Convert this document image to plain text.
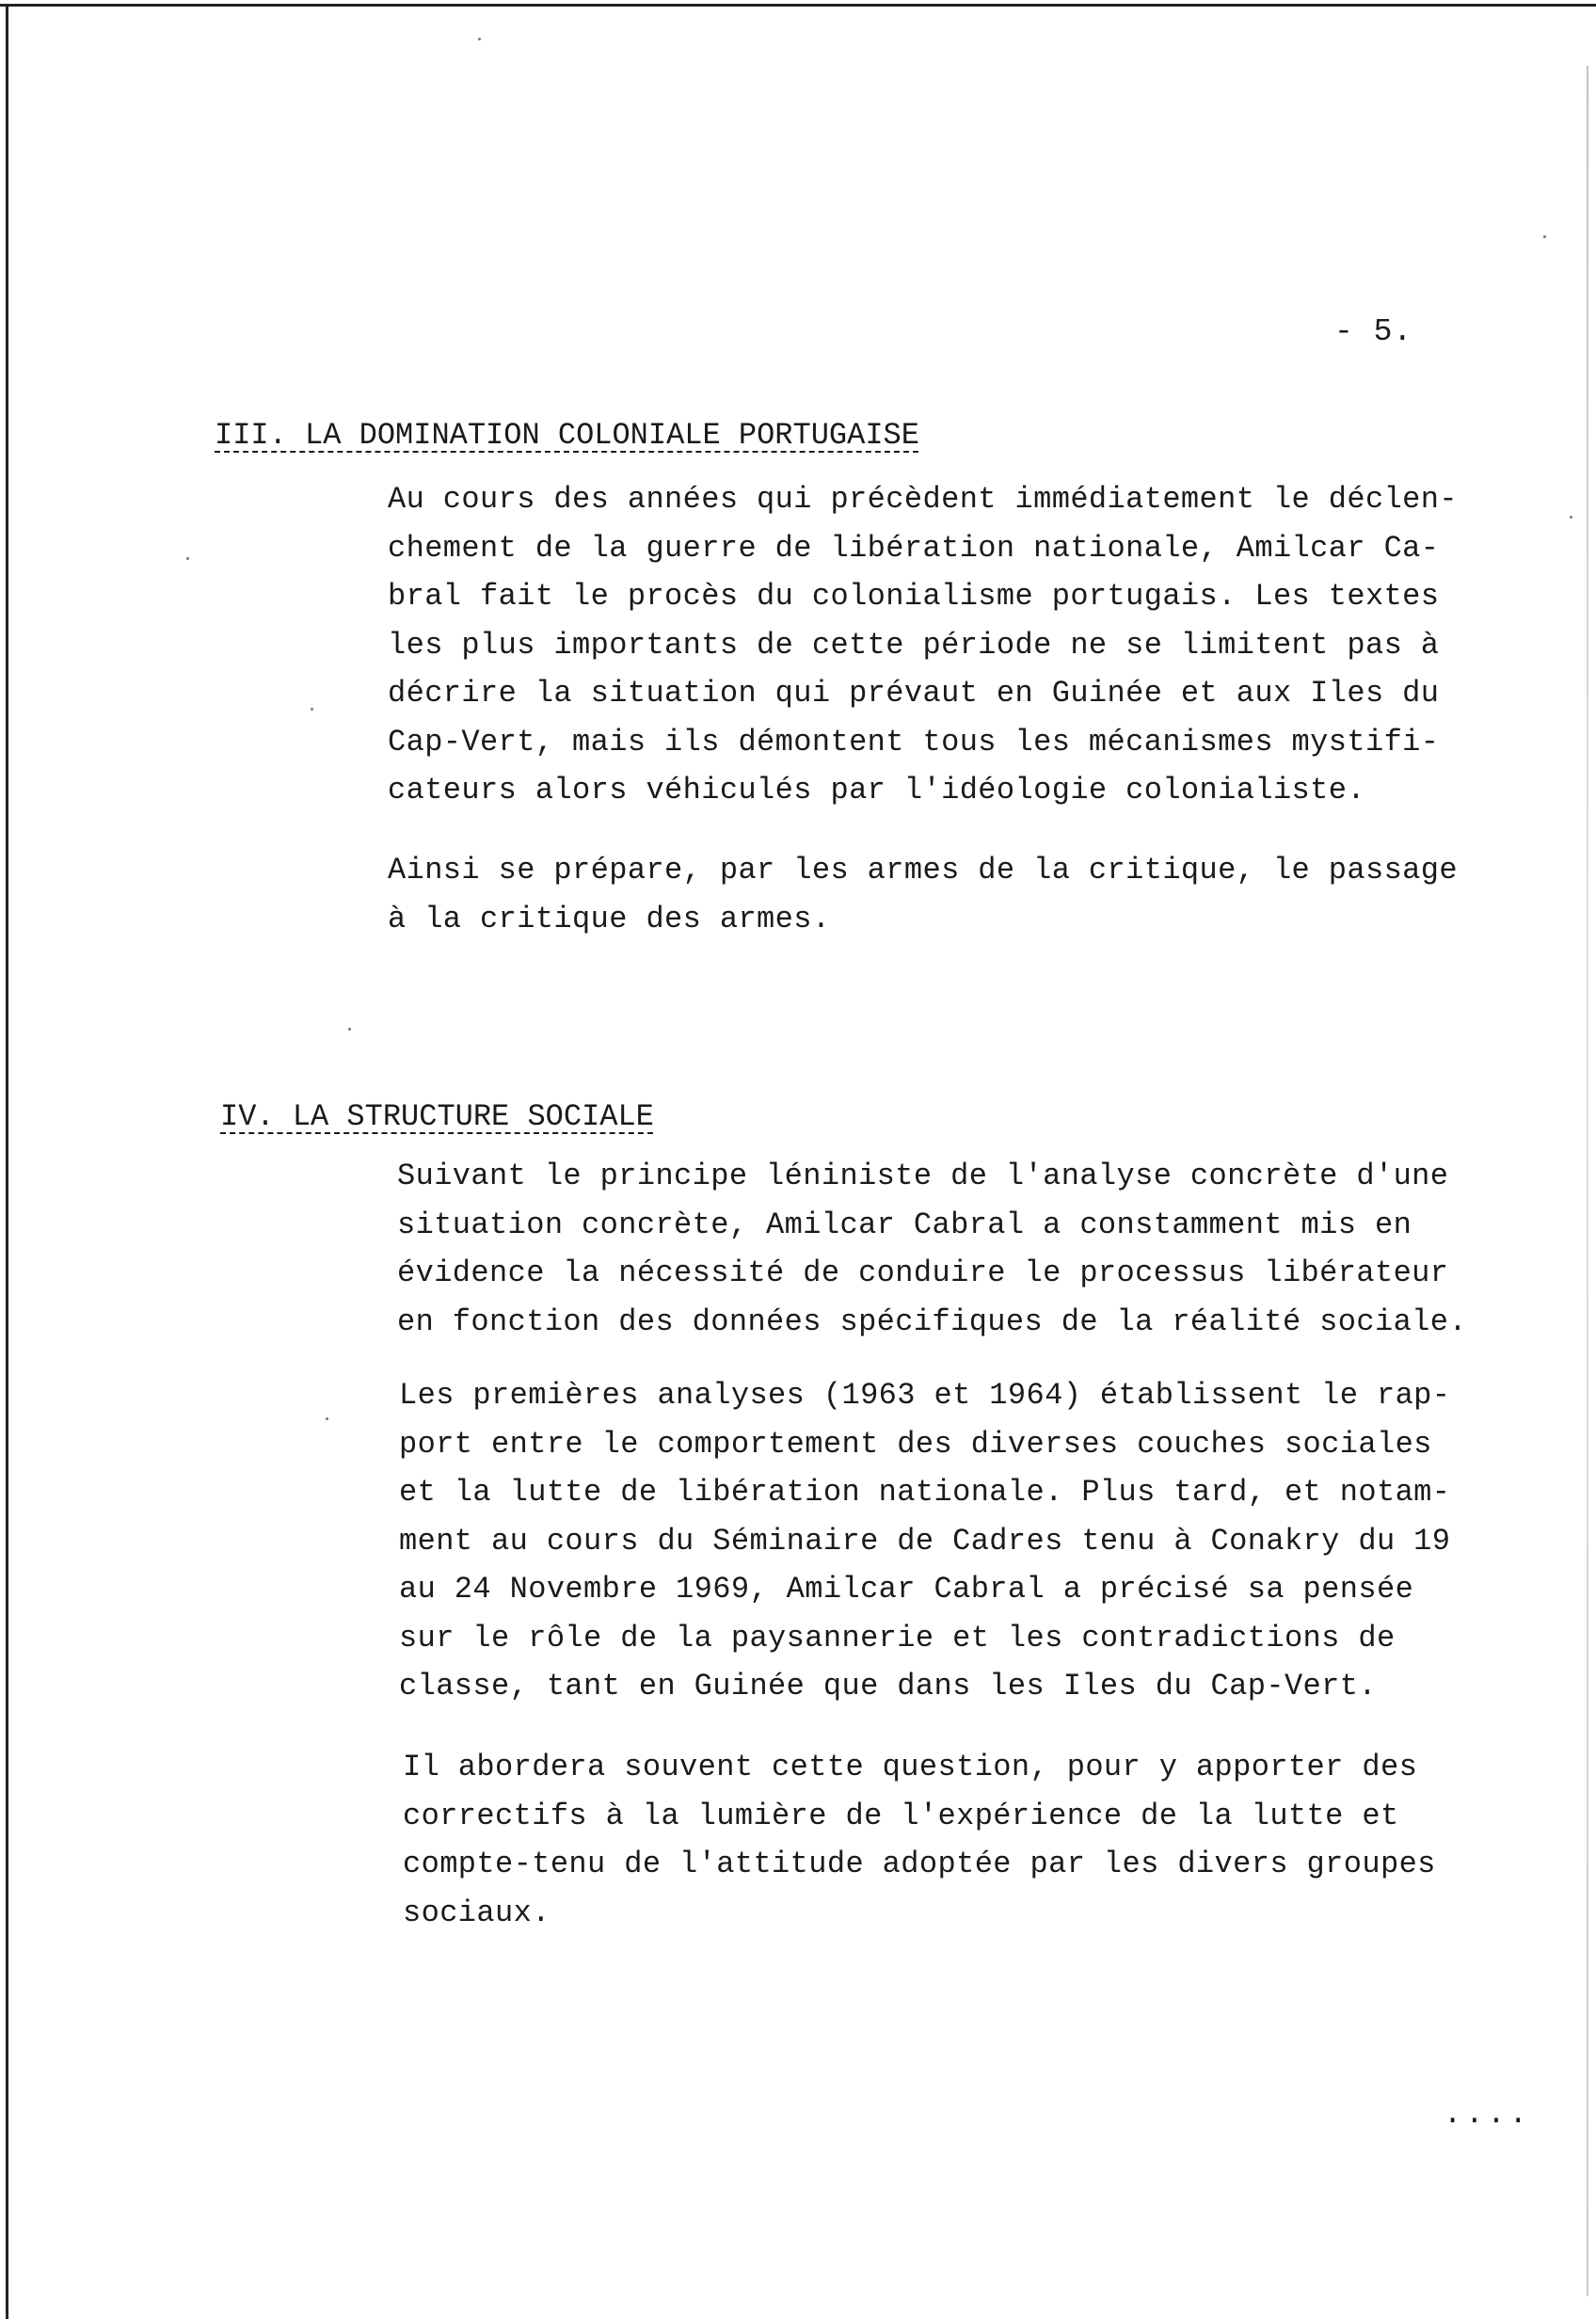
- 5.
III. LA DOMINATION COLONIALE PORTUGAISE
Au cours des années qui précèdent immédiatement le déclen-
chement de la guerre de libération nationale, Amilcar Ca-
bral fait le procès du colonialisme portugais. Les textes
les plus importants de cette période ne se limitent pas à
décrire la situation qui prévaut en Guinée et aux Iles du
Cap-Vert, mais ils démontent tous les mécanismes mystifi-
cateurs alors véhiculés par l'idéologie colonialiste.
Ainsi se prépare, par les armes de la critique, le passage
à la critique des armes.
IV. LA STRUCTURE SOCIALE
Suivant le principe léniniste de l'analyse concrète d'une
situation concrète, Amilcar Cabral a constamment mis en
évidence la nécessité de conduire le processus libérateur
en fonction des données spécifiques de la réalité sociale.
Les premières analyses (1963 et 1964) établissent le rap-
port entre le comportement des diverses couches sociales
et la lutte de libération nationale. Plus tard, et notam-
ment au cours du Séminaire de Cadres tenu à Conakry du 19
au 24 Novembre 1969, Amilcar Cabral a précisé sa pensée
sur le rôle de la paysannerie et les contradictions de
classe, tant en Guinée que dans les Iles du Cap-Vert.
Il abordera souvent cette question, pour y apporter des
correctifs à la lumière de l'expérience de la lutte et
compte-tenu de l'attitude adoptée par les divers groupes
sociaux.
....
